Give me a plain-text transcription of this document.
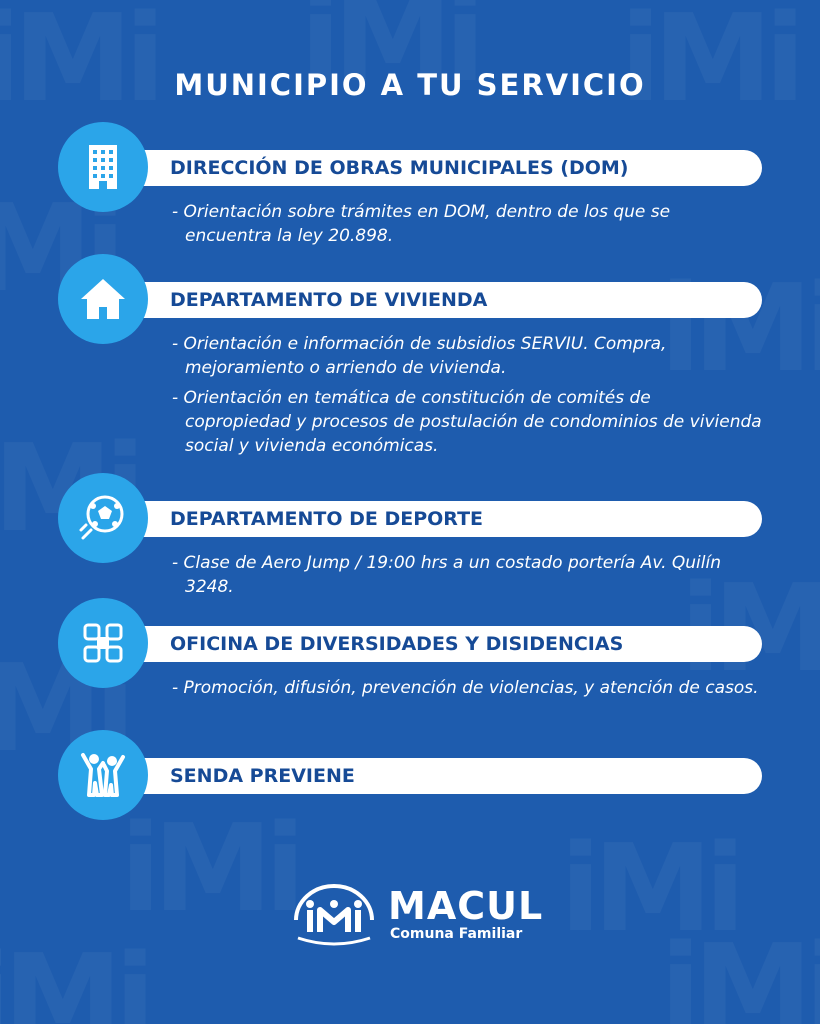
MUNICIPIO A TU SERVICIO
DIRECCIÓN DE OBRAS MUNICIPALES (DOM)
- Orientación sobre trámites en DOM, dentro de los que se encuentra la ley 20.898.
DEPARTAMENTO DE VIVIENDA
- Orientación e información de subsidios SERVIU. Compra, mejoramiento o arriendo de vivienda.
- Orientación en temática de constitución de comités de copropiedad y procesos de postulación de condominios de vivienda social y vivienda económicas.
DEPARTAMENTO DE DEPORTE
- Clase de Aero Jump / 19:00 hrs a un costado portería Av. Quilín 3248.
OFICINA DE DIVERSIDADES Y DISIDENCIAS
- Promoción, difusión, prevención de violencias, y atención de casos.
SENDA PREVIENE
MACUL
Comuna Familiar
